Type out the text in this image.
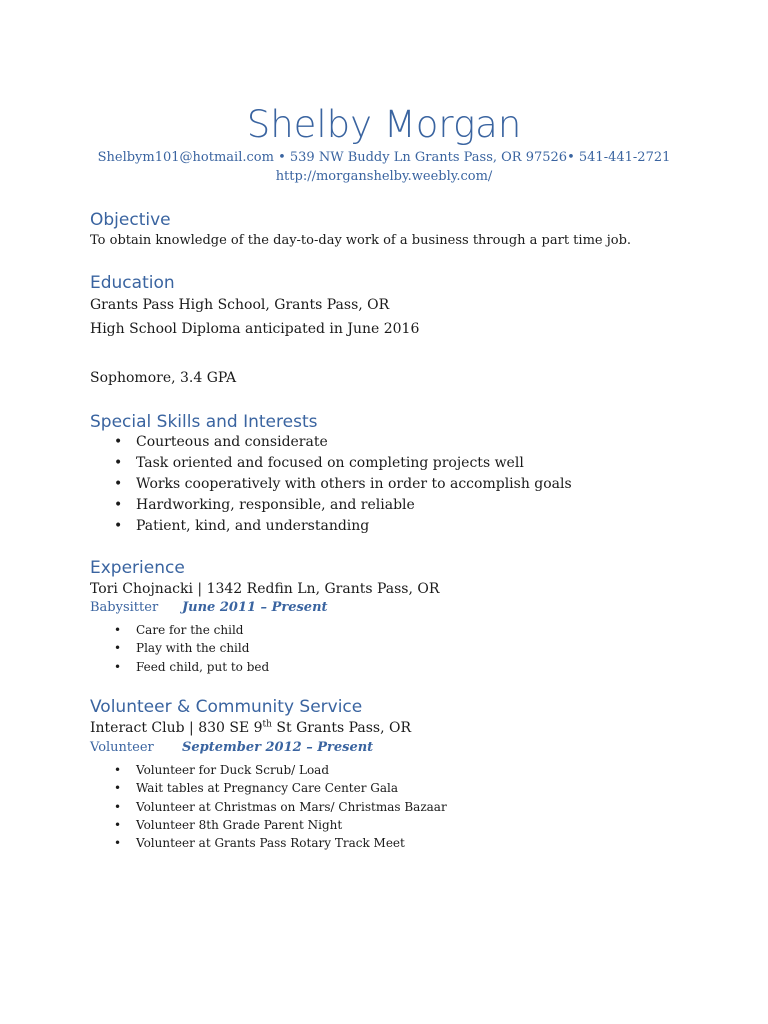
Shelby Morgan
Shelbym101@hotmail.com • 539 NW Buddy Ln Grants Pass, OR 97526• 541-441-2721
http://morganshelby.weebly.com/
Objective
To obtain knowledge of the day-to-day work of a business through a part time job.
Education
Grants Pass High School, Grants Pass, OR
High School Diploma anticipated in June 2016
Sophomore, 3.4 GPA
Special Skills and Interests
• Courteous and considerate
• Task oriented and focused on completing projects well
• Works cooperatively with others in order to accomplish goals
• Hardworking, responsible, and reliable
• Patient, kind, and understanding
Experience
Tori Chojnacki | 1342 Redfin Ln, Grants Pass, OR
Babysitter June 2011 – Present
• Care for the child
• Play with the child
• Feed child, put to bed
Volunteer & Community Service
Interact Club | 830 SE 9th St Grants Pass, OR
Volunteer September 2012 – Present
• Volunteer for Duck Scrub/ Load
• Wait tables at Pregnancy Care Center Gala
• Volunteer at Christmas on Mars/ Christmas Bazaar
• Volunteer 8th Grade Parent Night
• Volunteer at Grants Pass Rotary Track Meet
